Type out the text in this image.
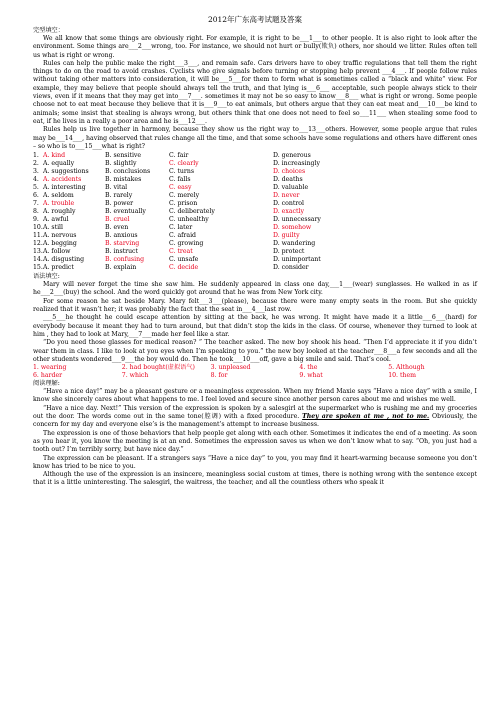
2012年广东高考试题及答案
完型填空：

We all know that some things are obviously right. For example, it is right to be___1___to other people. It is also right to look after the environment. Some things are___2___wrong, too. For instance, we should not hurt or bully(欺负) others, nor should we litter. Rules often tell us what is right or wrong.

Rules can help the public make the right___3___, and remain safe. Cars drivers have to obey traffic regulations that tell them the right things to do on the road to avoid crashes. Cyclists who give signals before turning or stopping help prevent ___4___. If people follow rules without taking other matters into consideration, it will be___5___for them to form what is sometimes called a “black and white” view. For example, they may believe that people should always tell the truth, and that lying is___6___ acceptable, such people always stick to their views, even if it means that they may get into___7___. sometimes it may not be so easy to know___8___ what is right or wrong. Some people choose not to eat meat because they believe that it is___9___to eat animals, but others argue that they can eat meat and___10___be kind to animals; some insist that stealing is always wrong, but others think that one does not need to feel so___11___ when stealing some food to eat, if he lives in a really a poor area and he is___12___.

Rules help us live together in harmony, because they show us the right way to___13___others. However, some people argue that rules may be___14___, having observed that rules change all the time, and that some schools have some regulations and others have different ones – so who is to___15___what is right?

1. A. kind	B. sensitive	C. fair	D. generous
2. A. equally	B. slightly	C. clearly	D. increasingly
3. A. suggestions	B. conclusions	C. turns	D. choices
4. A. accidents	B. mistakes	C. falls	D. deaths
5. A. interesting	B. vital	C. easy	D. valuable
6. A. seldom	B. rarely	C. merely	D. never
7. A. trouble	B. power	C. prison	D. control
8. A. roughly	B. eventually	C. deliberately	D. exactly
9. A. awful	B. cruel	C. unhealthy	D. unnecessary
10. A. still	B. even	C. later	D. somehow
11. A. nervous	B. anxious	C. afraid	D. guilty
12. A. begging	B. starving	C. growing	D. wandering
13. A. follow	B. instruct	C. treat	D. protect
14. A. disgusting	B. confusing	C. unsafe	D. unimportant
15. A. predict	B. explain	C. decide	D. consider
语法填空:

Mary will never forget the time she saw him. He suddenly appeared in class one day,___1___(wear) sunglasses. He walked in as if he___2___(buy) the school. And the word quickly got around that he was from New York city.

For some reason he sat beside Mary. Mary felt___3___(please), because there were many empty seats in the room. But she quickly realized that it wasn’t her; it was probably the fact that the seat in___4___last row.

___5___he thought he could escape attention by sitting at the back, he was wrong. It might have made it a little___6___(hard) for everybody because it meant they had to turn around, but that didn’t stop the kids in the class. Of course, whenever they turned to look at him , they had to look at Mary,___7___made her feel like a star.

“Do you need those glasses for medical reason? ” The teacher asked. The new boy shook his head. “Then I’d appreciate it if you didn’t wear them in class. I like to look at you eyes when I’m speaking to you.” the new boy looked at the teacher___8___a few seconds and all the other students wondered___9___the boy would do. Then he took___10___off, gave a big smile and said. That’s cool.

1. wearing	2. had bought(虚拟语气)	3. unpleased	4. the	5. Although
6. harder	7. which	8. for	9. what	10. them
阅读理解:

“Have a nice day!” may be a pleasant gesture or a meaningless expression. When my friend Maxie says “Have a nice day” with a smile, I know she sincerely cares about what happens to me. I feel loved and secure since another person cares about me and wishes me well.

“Have a nice day. Next!” This version of the expression is spoken by a salesgirl at the supermarket who is rushing me and my groceries out the door. The words come out in the same tone(腔调) with a fixed procedure. They are spoken at me , not to me. Obviously, the concern for my day and everyone else’s is the management’s attempt to increase business.

The expression is one of those behaviors that help people get along with each other. Sometimes it indicates the end of a meeting. As soon as you hear it, you know the meeting is at an end. Sometimes the expression saves us when we don’t know what to say. “Oh, you just had a tooth out? I’m terribly sorry, but have nice day.”

The expression can be pleasant. If a strangers says “Have a nice day” to you, you may find it heart-warming because someone you don’t know has tried to be nice to you.

Although the use of the expression is an insincere, meaningless social custom at times, there is nothing wrong with the sentence except that it is a little uninteresting. The salesgirl, the waitress, the teacher, and all the countless others who speak it
